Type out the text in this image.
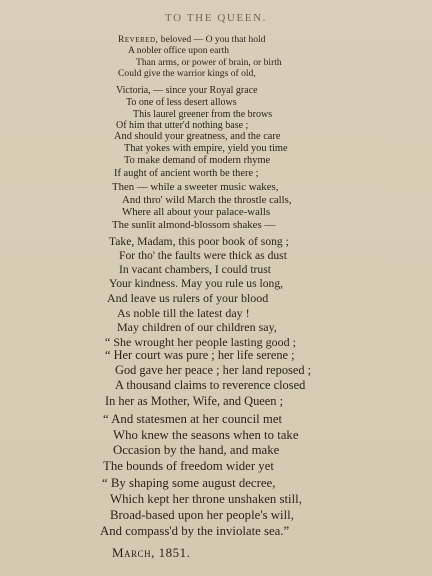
TO THE QUEEN.
Revered, beloved — O you that hold
A nobler office upon earth
Than arms, or power of brain, or birth
Could give the warrior kings of old,
Victoria, — since your Royal grace
To one of less desert allows
This laurel greener from the brows
Of him that utter'd nothing base ;
And should your greatness, and the care
That yokes with empire, yield you time
To make demand of modern rhyme
If aught of ancient worth be there ;
Then — while a sweeter music wakes,
And thro' wild March the throstle calls,
Where all about your palace-walls
The sunlit almond-blossom shakes —
Take, Madam, this poor book of song ;
For tho' the faults were thick as dust
In vacant chambers, I could trust
Your kindness. May you rule us long,
And leave us rulers of your blood
As noble till the latest day !
May children of our children say,
“ She wrought her people lasting good ;
“ Her court was pure ; her life serene ;
God gave her peace ; her land reposed ;
A thousand claims to reverence closed
In her as Mother, Wife, and Queen ;
“ And statesmen at her council met
Who knew the seasons when to take
Occasion by the hand, and make
The bounds of freedom wider yet
“ By shaping some august decree,
Which kept her throne unshaken still,
Broad-based upon her people's will,
And compass'd by the inviolate sea.”
March, 1851.
